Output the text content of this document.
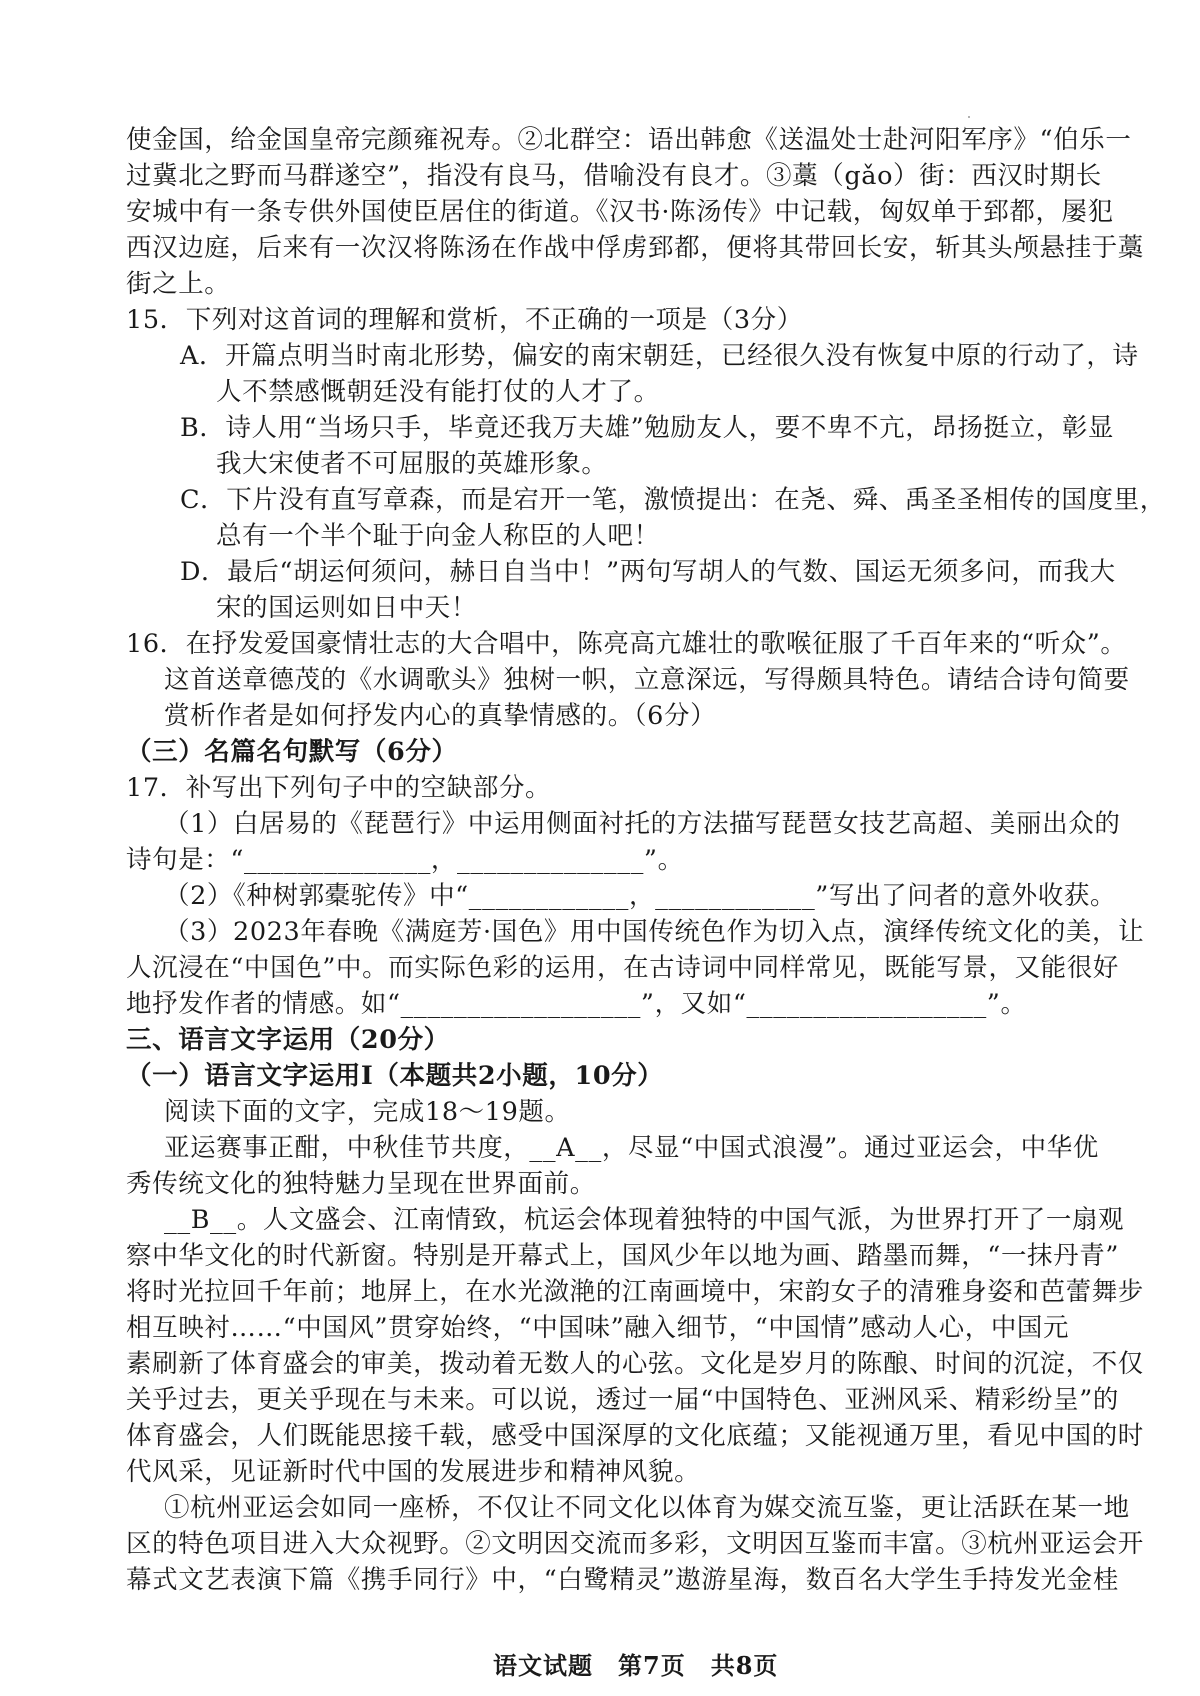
使金国，给金国皇帝完颜雍祝寿。②北群空：语出韩愈《送温处士赴河阳军序》“伯乐一
过冀北之野而马群遂空”，指没有良马，借喻没有良才。③藁（gǎo）街：西汉时期长
安城中有一条专供外国使臣居住的街道。《汉书·陈汤传》中记载，匈奴单于郅都，屡犯
西汉边庭，后来有一次汉将陈汤在作战中俘虏郅都，便将其带回长安，斩其头颅悬挂于藁
街之上。
15．下列对这首词的理解和赏析，不正确的一项是（3分）
A．开篇点明当时南北形势，偏安的南宋朝廷，已经很久没有恢复中原的行动了，诗
人不禁感慨朝廷没有能打仗的人才了。
B．诗人用“当场只手，毕竟还我万夫雄”勉励友人，要不卑不亢，昂扬挺立，彰显
我大宋使者不可屈服的英雄形象。
C．下片没有直写章森，而是宕开一笔，激愤提出：在尧、舜、禹圣圣相传的国度里，
总有一个半个耻于向金人称臣的人吧！
D．最后“胡运何须问，赫日自当中！”两句写胡人的气数、国运无须多问，而我大
宋的国运则如日中天！
16．在抒发爱国豪情壮志的大合唱中，陈亮高亢雄壮的歌喉征服了千百年来的“听众”。
这首送章德茂的《水调歌头》独树一帜，立意深远，写得颇具特色。请结合诗句简要
赏析作者是如何抒发内心的真挚情感的。（6分）
（三）名篇名句默写（6分）
17．补写出下列句子中的空缺部分。
（1）白居易的《琵琶行》中运用侧面衬托的方法描写琵琶女技艺高超、美丽出众的
诗句是：“______________，______________”。
（2）《种树郭橐驼传》中“____________，____________”写出了问者的意外收获。
（3）2023年春晚《满庭芳·国色》用中国传统色作为切入点，演绎传统文化的美，让
人沉浸在“中国色”中。而实际色彩的运用，在古诗词中同样常见，既能写景，又能很好
地抒发作者的情感。如“__________________”，又如“__________________”。
三、语言文字运用（20分）
（一）语言文字运用Ⅰ（本题共2小题，10分）
阅读下面的文字，完成18～19题。
亚运赛事正酣，中秋佳节共度，__A__，尽显“中国式浪漫”。通过亚运会，中华优
秀传统文化的独特魅力呈现在世界面前。
__B__。人文盛会、江南情致，杭运会体现着独特的中国气派，为世界打开了一扇观
察中华文化的时代新窗。特别是开幕式上，国风少年以地为画、踏墨而舞，“一抹丹青”
将时光拉回千年前；地屏上，在水光潋滟的江南画境中，宋韵女子的清雅身姿和芭蕾舞步
相互映衬……“中国风”贯穿始终，“中国味”融入细节，“中国情”感动人心，中国元
素刷新了体育盛会的审美，拨动着无数人的心弦。文化是岁月的陈酿、时间的沉淀，不仅
关乎过去，更关乎现在与未来。可以说，透过一届“中国特色、亚洲风采、精彩纷呈”的
体育盛会，人们既能思接千载，感受中国深厚的文化底蕴；又能视通万里，看见中国的时
代风采，见证新时代中国的发展进步和精神风貌。
①杭州亚运会如同一座桥，不仅让不同文化以体育为媒交流互鉴，更让活跃在某一地
区的特色项目进入大众视野。②文明因交流而多彩，文明因互鉴而丰富。③杭州亚运会开
幕式文艺表演下篇《携手同行》中，“白鹭精灵”遨游星海，数百名大学生手持发光金桂
语文试题　第7页　共8页
